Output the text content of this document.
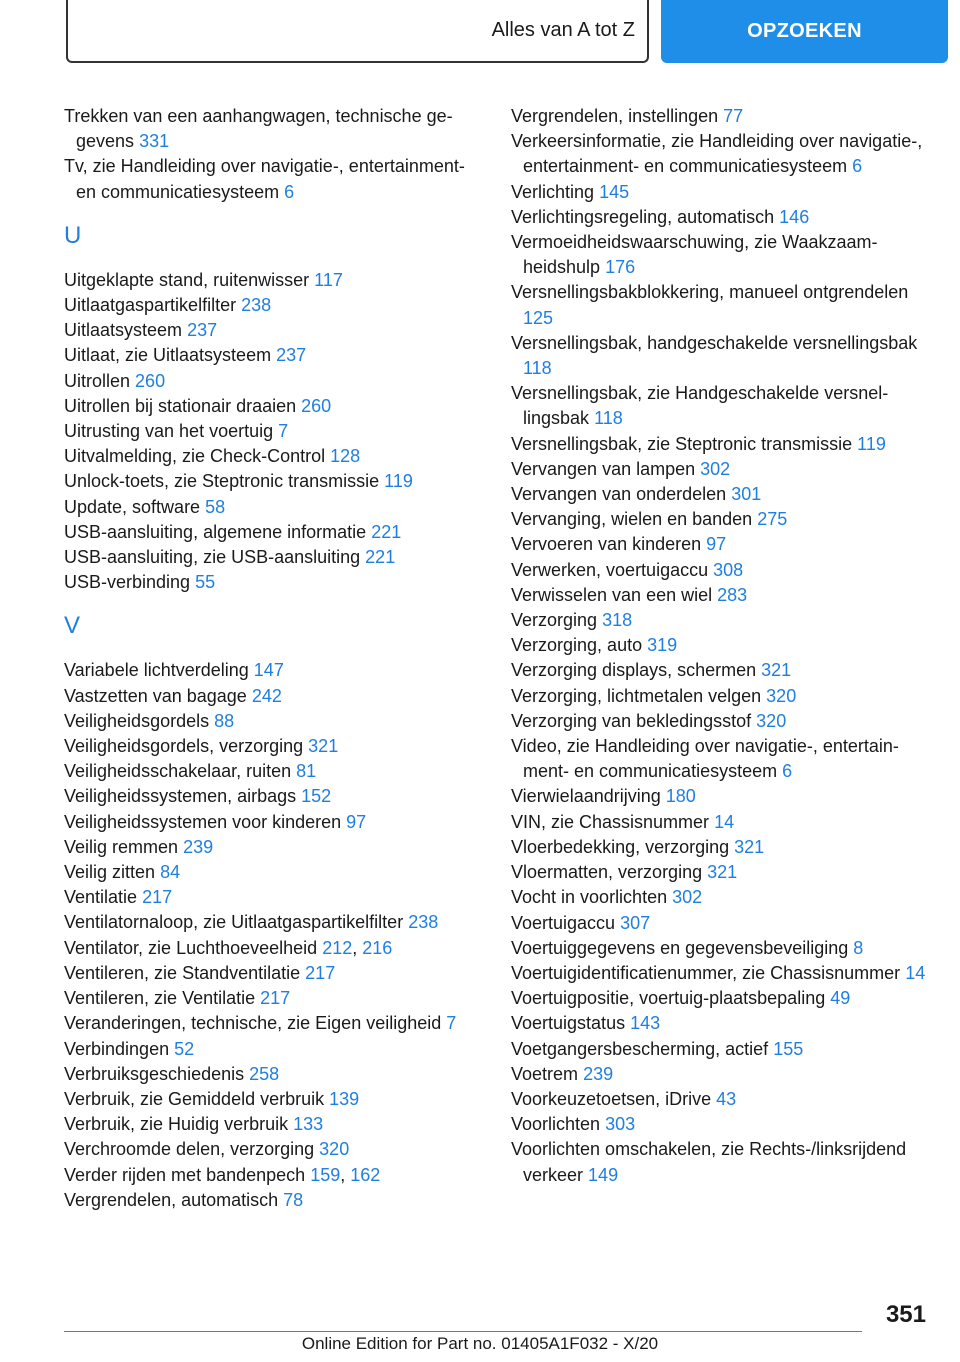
Alles van A tot Z	OPZOEKEN
Trekken van een aanhangwagen, technische gegevens 331
Tv, zie Handleiding over navigatie-, entertainment- en communicatiesysteem 6
U
Uitgeklapte stand, ruitenwisser 117
Uitlaatgaspartikelfilter 238
Uitlaatsysteem 237
Uitlaat, zie Uitlaatsysteem 237
Uitrollen 260
Uitrollen bij stationair draaien 260
Uitrusting van het voertuig 7
Uitvalmelding, zie Check-Control 128
Unlock-toets, zie Steptronic transmissie 119
Update, software 58
USB-aansluiting, algemene informatie 221
USB-aansluiting, zie USB-aansluiting 221
USB-verbinding 55
V
Variabele lichtverdeling 147
Vastzetten van bagage 242
Veiligheidsgordels 88
Veiligheidsgordels, verzorging 321
Veiligheidsschakelaar, ruiten 81
Veiligheidssystemen, airbags 152
Veiligheidssystemen voor kinderen 97
Veilig remmen 239
Veilig zitten 84
Ventilatie 217
Ventilatornaloop, zie Uitlaatgaspartikelfilter 238
Ventilator, zie Luchthoeveelheid 212, 216
Ventileren, zie Standventilatie 217
Ventileren, zie Ventilatie 217
Veranderingen, technische, zie Eigen veiligheid 7
Verbindingen 52
Verbruiksgeschiedenis 258
Verbruik, zie Gemiddeld verbruik 139
Verbruik, zie Huidig verbruik 133
Verchroomde delen, verzorging 320
Verder rijden met bandenpech 159, 162
Vergrendelen, automatisch 78
Vergrendelen, instellingen 77
Verkeersinformatie, zie Handleiding over navigatie-, entertainment- en communicatiesysteem 6
Verlichting 145
Verlichtingsregeling, automatisch 146
Vermoeidheidswaarschuwing, zie Waakzaamheidshulp 176
Versnellingsbakblokkering, manueel ontgrendelen 125
Versnellingsbak, handgeschakelde versnellingsbak 118
Versnellingsbak, zie Handgeschakelde versnellingsbak 118
Versnellingsbak, zie Steptronic transmissie 119
Vervangen van lampen 302
Vervangen van onderdelen 301
Vervanging, wielen en banden 275
Vervoeren van kinderen 97
Verwerken, voertuigaccu 308
Verwisselen van een wiel 283
Verzorging 318
Verzorging, auto 319
Verzorging displays, schermen 321
Verzorging, lichtmetalen velgen 320
Verzorging van bekledingsstof 320
Video, zie Handleiding over navigatie-, entertainment- en communicatiesysteem 6
Vierwielaandrijving 180
VIN, zie Chassisnummer 14
Vloerbedekking, verzorging 321
Vloermatten, verzorging 321
Vocht in voorlichten 302
Voertuigaccu 307
Voertuiggegevens en gegevensbeveiliging 8
Voertuigidentificatienummer, zie Chassisnummer 14
Voertuigpositie, voertuig-plaatsbepaling 49
Voertuigstatus 143
Voetgangersbescherming, actief 155
Voetrem 239
Voorkeuzetoetsen, iDrive 43
Voorlichten 303
Voorlichten omschakelen, zie Rechts-/linksrijdend verkeer 149
351
Online Edition for Part no. 01405A1F032 - X/20
